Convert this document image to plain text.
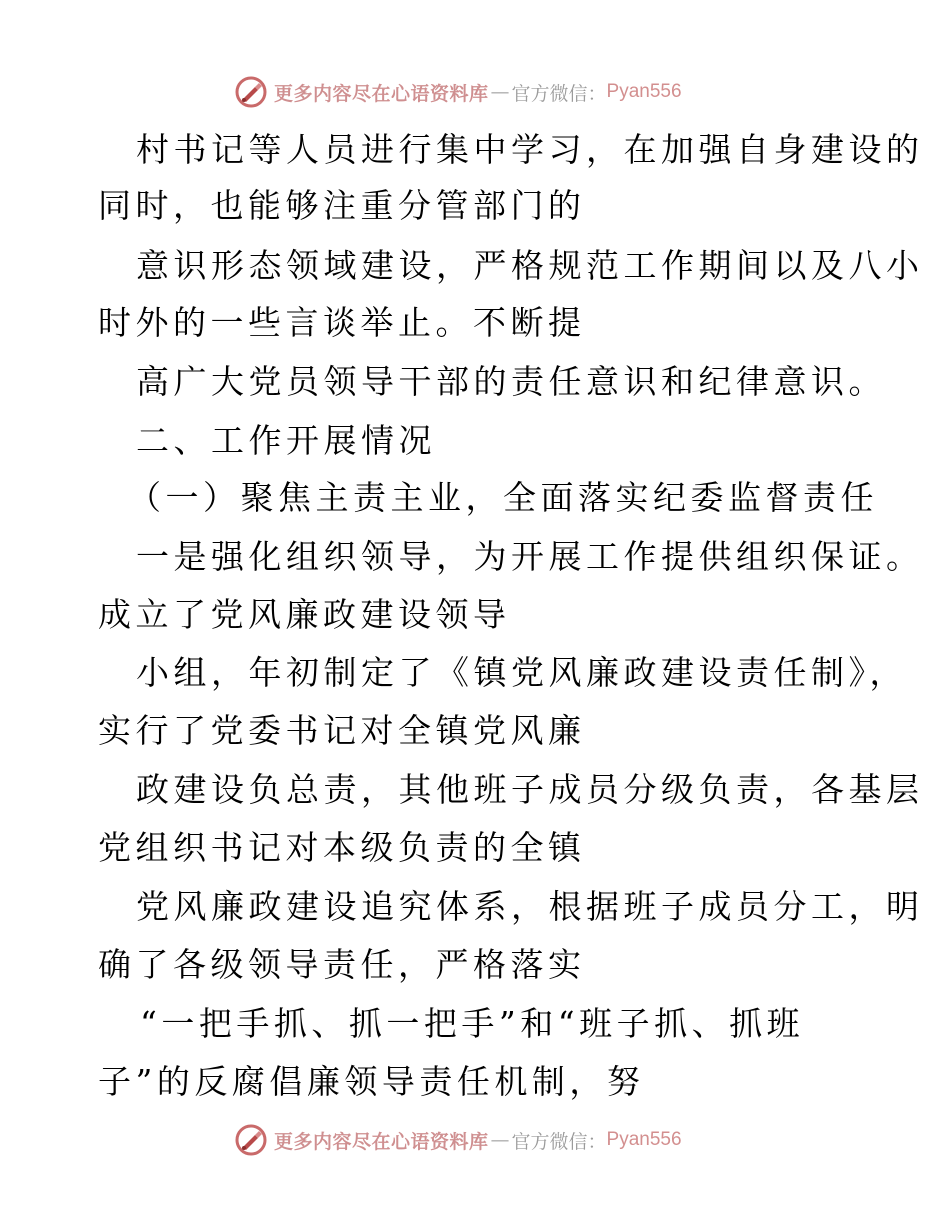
更多内容尽在心语资料库 — 官方微信： Pyan556
村书记等人员进行集中学习，在加强自身建设的
同时，也能够注重分管部门的
意识形态领域建设，严格规范工作期间以及八小
时外的一些言谈举止。不断提
高广大党员领导干部的责任意识和纪律意识。
二、工作开展情况
（一）聚焦主责主业，全面落实纪委监督责任
一是强化组织领导，为开展工作提供组织保证。
成立了党风廉政建设领导
小组，年初制定了《镇党风廉政建设责任制》，
实行了党委书记对全镇党风廉
政建设负总责，其他班子成员分级负责，各基层
党组织书记对本级负责的全镇
党风廉政建设追究体系，根据班子成员分工，明
确了各级领导责任，严格落实
“一把手抓、抓一把手”和“班子抓、抓班
子”的反腐倡廉领导责任机制，努
更多内容尽在心语资料库 — 官方微信： Pyan556
